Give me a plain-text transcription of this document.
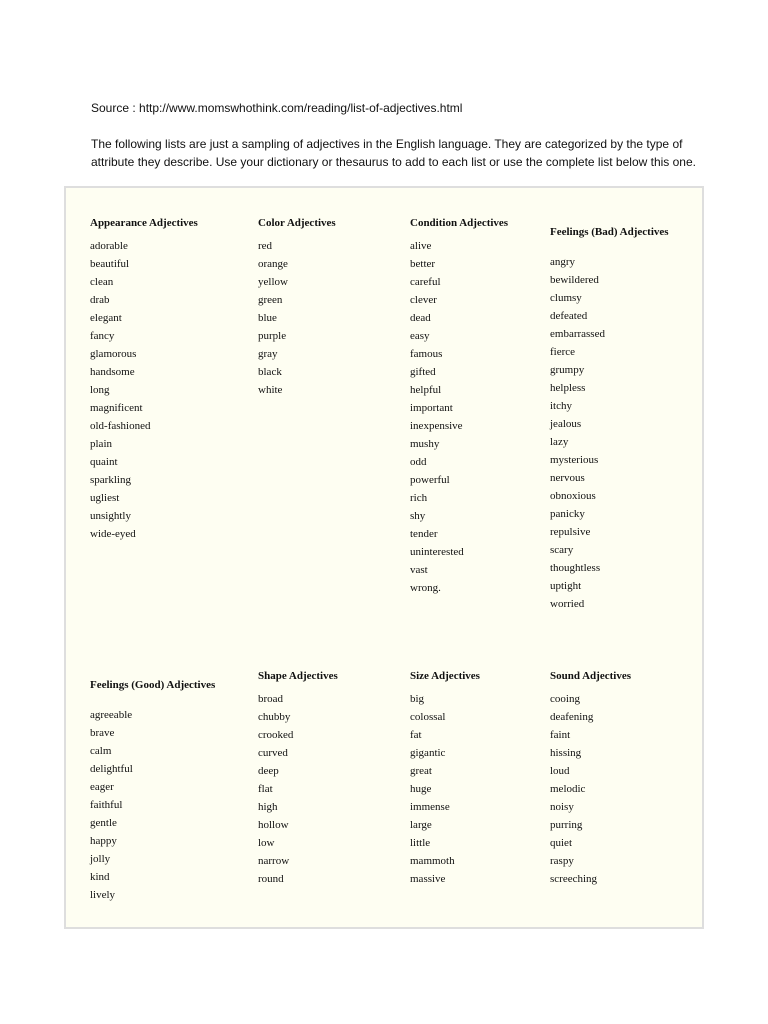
Source : http://www.momswhothink.com/reading/list-of-adjectives.html
The following lists are just a sampling of adjectives in the English language. They are categorized by the type of
attribute they describe. Use your dictionary or thesaurus to add to each list or use the complete list below this one.
Appearance Adjectives
adorable
beautiful
clean
drab
elegant
fancy
glamorous
handsome
long
magnificent
old-fashioned
plain
quaint
sparkling
ugliest
unsightly
wide-eyed
Color Adjectives
red
orange
yellow
green
blue
purple
gray
black
white
Condition Adjectives
alive
better
careful
clever
dead
easy
famous
gifted
helpful
important
inexpensive
mushy
odd
powerful
rich
shy
tender
uninterested
vast
wrong.
Feelings (Bad) Adjectives
angry
bewildered
clumsy
defeated
embarrassed
fierce
grumpy
helpless
itchy
jealous
lazy
mysterious
nervous
obnoxious
panicky
repulsive
scary
thoughtless
uptight
worried
Feelings (Good) Adjectives
agreeable
brave
calm
delightful
eager
faithful
gentle
happy
jolly
kind
lively
Shape Adjectives
broad
chubby
crooked
curved
deep
flat
high
hollow
low
narrow
round
Size Adjectives
big
colossal
fat
gigantic
great
huge
immense
large
little
mammoth
massive
Sound Adjectives
cooing
deafening
faint
hissing
loud
melodic
noisy
purring
quiet
raspy
screeching
